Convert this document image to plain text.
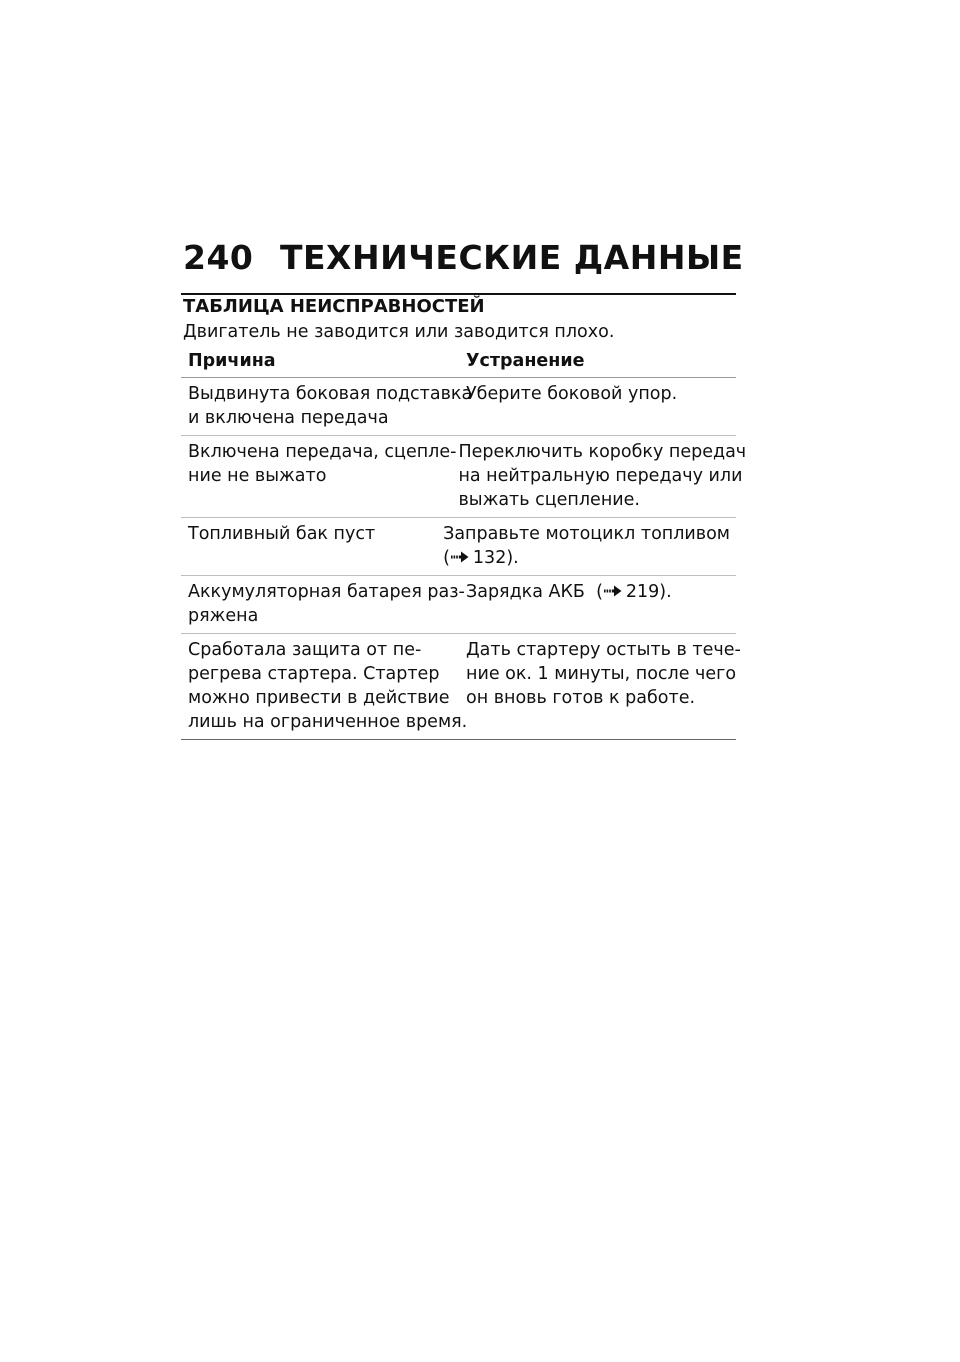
240 ТЕХНИЧЕСКИЕ ДАННЫЕ
ТАБЛИЦА НЕИСПРАВНОСТЕЙ
Двигатель не заводится или заводится плохо.
Причина	Устранение
Выдвинута боковая подставка
и включена передача
Уберите боковой упор.
Включена передача, сцепле-
ние не выжато
Переключить коробку передач
на нейтральную передачу или
выжать сцепление.
Топливный бак пуст	Заправьте мотоцикл топливом
( 132).
Аккумуляторная батарея раз-
ряжена
Зарядка АКБ ( 219).
Сработала защита от пе-
регрева стартера. Стартер
можно привести в действие
лишь на ограниченное время.
Дать стартеру остыть в тече-
ние ок. 1 минуты, после чего
он вновь готов к работе.
